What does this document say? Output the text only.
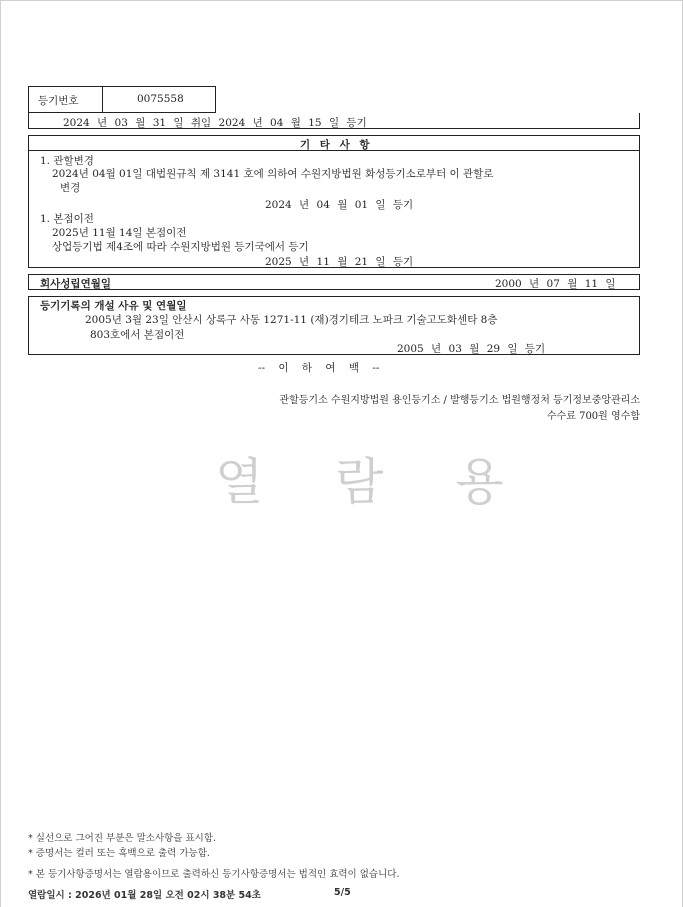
등기번호	0075558
2024 년 03 월 31 일 취임 2024 년 04 월 15 일 등기
기 타 사 항
1. 관할변경
2024년 04월 01일 대법원규칙 제 3141 호에 의하여 수원지방법원 화성등기소로부터 이 관할로
변경
2024 년 04 월 01 일 등기
1. 본점이전
2025년 11월 14일 본점이전
상업등기법 제4조에 따라 수원지방법원 등기국에서 등기
2025 년 11 월 21 일 등기
회사성립연월일	2000 년 07 월 11 일
등기기록의 개설 사유 및 연월일
2005년 3월 23일 안산시 상록구 사동 1271-11 (재)경기테크 노파크 기술고도화센타 8층
803호에서 본점이전
2005 년 03 월 29 일 등기
-- 이 하 여 백 --
관할등기소 수원지방법원 용인등기소 / 발행등기소 법원행정처 등기정보중앙관리소
수수료 700원 영수함
열 람 용
* 실선으로 그어진 부분은 말소사항을 표시함.
* 증명서는 컬러 또는 흑백으로 출력 가능함.
* 본 등기사항증명서는 열람용이므로 출력하신 등기사항증명서는 법적인 효력이 없습니다.
열람일시 : 2026년 01월 28일 오전 02시 38분 54초	5/5
